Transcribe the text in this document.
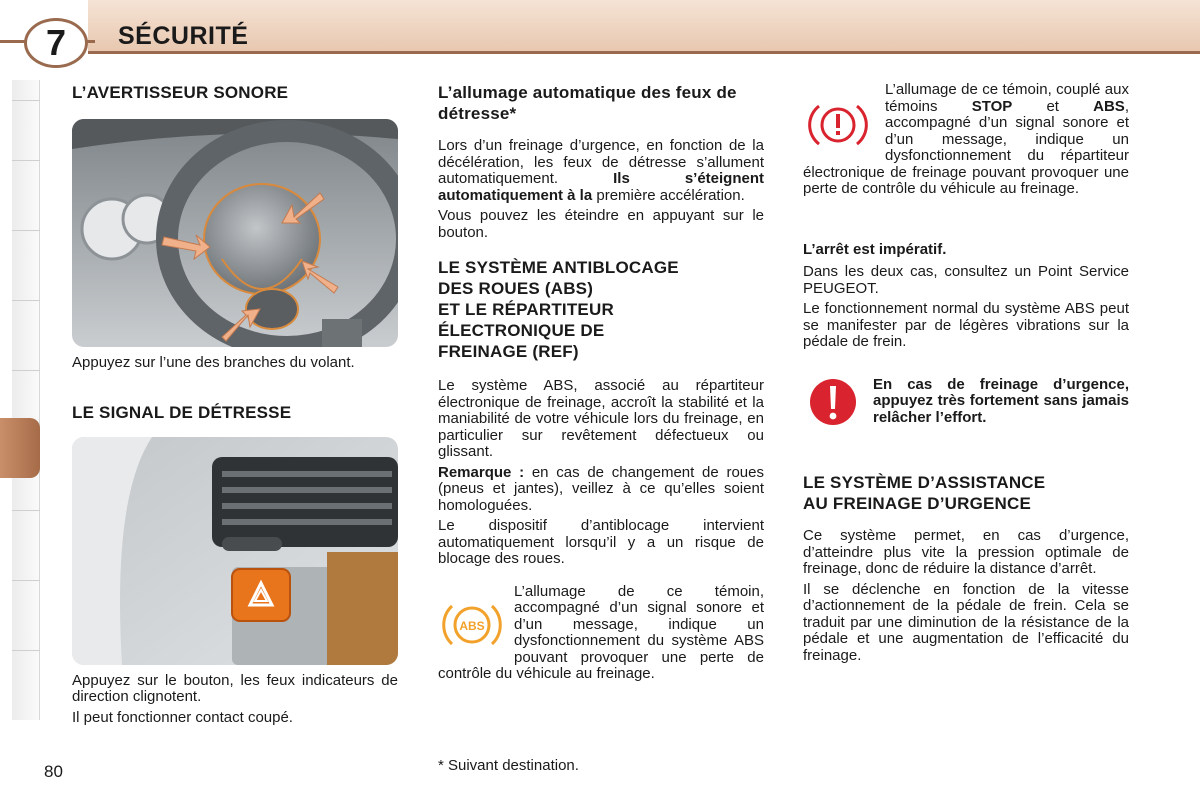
7 SÉCURITÉ
L’AVERTISSEUR SONORE

Appuyez sur l’une des branches du volant.

LE SIGNAL DE DÉTRESSE

Appuyez sur le bouton, les feux indicateurs de direction clignotent.

Il peut fonctionner contact coupé.

L’allumage automatique des feux de détresse*

Lors d’un freinage d’urgence, en fonction de la décélération, les feux de détresse s’allument automatiquement. Ils s’éteignent automatiquement à la première accélération.

Vous pouvez les éteindre en appuyant sur le bouton.

LE SYSTÈME ANTIBLOCAGE
DES ROUES (ABS)
ET LE RÉPARTITEUR
ÉLECTRONIQUE DE
FREINAGE (REF)

Le système ABS, associé au répartiteur électronique de freinage, accroît la stabilité et la maniabilité de votre véhicule lors du freinage, en particulier sur revêtement défectueux ou glissant.

Remarque : en cas de changement de roues (pneus et jantes), veillez à ce qu’elles soient homologuées.

Le dispositif d’antiblocage intervient automatiquement lorsqu’il y a un risque de blocage des roues.

ABS

L’allumage de ce témoin, accompagné d’un signal sonore et d’un message, indique un dysfonctionnement du système ABS pouvant provoquer une perte de contrôle du véhicule au freinage.

* Suivant destination.

L’allumage de ce témoin, couplé aux témoins STOP et ABS, accompagné d’un signal sonore et d’un message, indique un dysfonctionnement du répartiteur électronique de freinage pouvant provoquer une perte de contrôle du véhicule au freinage.

L’arrêt est impératif.

Dans les deux cas, consultez un Point Service PEUGEOT.

Le fonctionnement normal du système ABS peut se manifester par de légères vibrations sur la pédale de frein.

En cas de freinage d’urgence, appuyez très fortement sans jamais relâcher l’effort.

LE SYSTÈME D’ASSISTANCE
AU FREINAGE D’URGENCE

Ce système permet, en cas d’urgence, d’atteindre plus vite la pression optimale de freinage, donc de réduire la distance d’arrêt.

Il se déclenche en fonction de la vitesse d’actionnement de la pédale de frein. Cela se traduit par une diminution de la résistance de la pédale et une augmentation de l’efficacité du freinage.

80
